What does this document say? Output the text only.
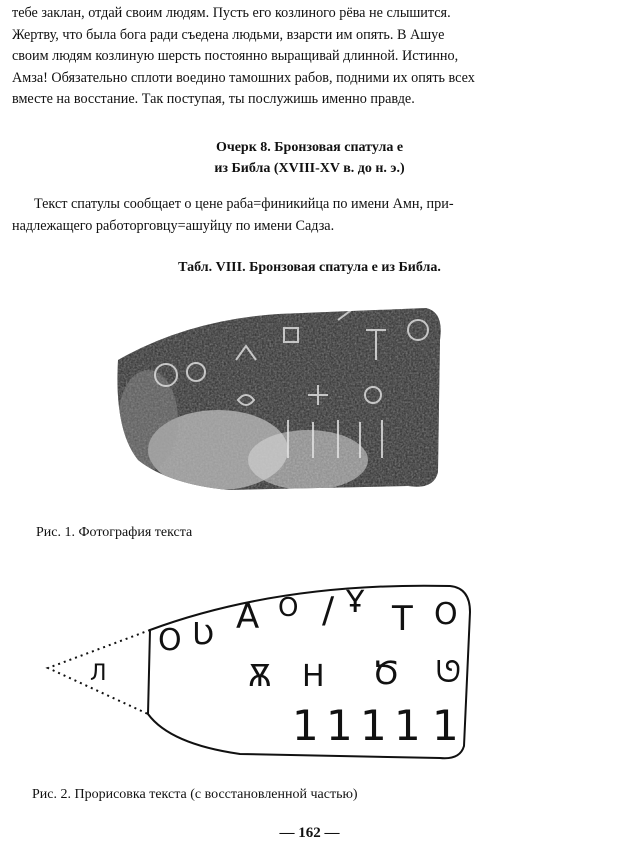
тебе заклан, отдай своим людям. Пусть его козлиного рёва не слышится.
Жертву, что была бога ради съедена людьми, взарсти им опять. В Ашуе
своим людям козлиную шерсть постоянно выращивай длинной. Истинно,
Амза! Обязательно сплоти воедино тамошних рабов, подними их опять всех
вместе на восстание. Так поступая, ты послужишь именно правде.
Очерк 8. Бронзовая спатула е
из Библа (XVIII-XV в. до н. э.)
Текст спатулы сообщает о цене раба=финикийца по имени Амн, при-
надлежащего работорговцу=ашуйцу по имени Садза.
Табл. VIII. Бронзовая спатула е из Библа.
Рис. 1. Фотография текста
Л
О Ʋ А О / Ұ Т О
Ѫ Н Ծ ᘎ
1 1 1 1 1
Рис. 2. Прорисовка текста (с восстановленной частью)
— 162 —
